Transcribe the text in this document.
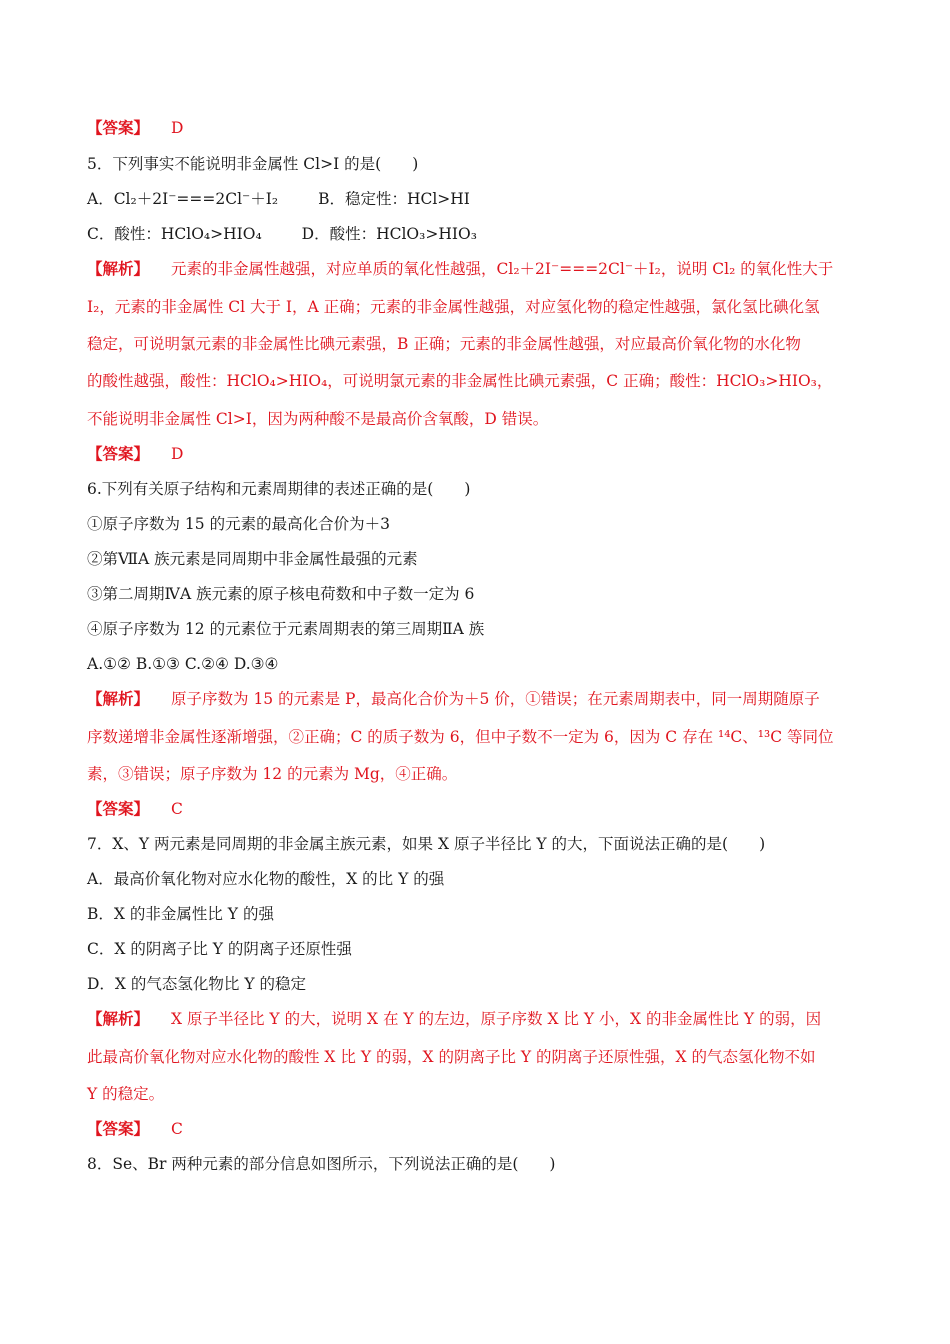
【答案】 D
5．下列事实不能说明非金属性 Cl>I 的是(　　)
A．Cl₂＋2I⁻===2Cl⁻＋I₂	B．稳定性：HCl>HI
C．酸性：HClO₄>HIO₄	D．酸性：HClO₃>HIO₃
【解析】 元素的非金属性越强，对应单质的氧化性越强，Cl₂＋2I⁻===2Cl⁻＋I₂，说明 Cl₂ 的氧化性大于
I₂，元素的非金属性 Cl 大于 I，A 正确；元素的非金属性越强，对应氢化物的稳定性越强，氯化氢比碘化氢
稳定，可说明氯元素的非金属性比碘元素强，B 正确；元素的非金属性越强，对应最高价氧化物的水化物
的酸性越强，酸性：HClO₄>HIO₄，可说明氯元素的非金属性比碘元素强，C 正确；酸性：HClO₃>HIO₃，
不能说明非金属性 Cl>I，因为两种酸不是最高价含氧酸，D 错误。
【答案】 D
6.下列有关原子结构和元素周期律的表述正确的是(　　)
①原子序数为 15 的元素的最高化合价为＋3
②第ⅦA 族元素是同周期中非金属性最强的元素
③第二周期ⅣA 族元素的原子核电荷数和中子数一定为 6
④原子序数为 12 的元素位于元素周期表的第三周期ⅡA 族
A.①② B.①③ C.②④ D.③④
【解析】 原子序数为 15 的元素是 P，最高化合价为＋5 价，①错误；在元素周期表中，同一周期随原子
序数递增非金属性逐渐增强，②正确；C 的质子数为 6，但中子数不一定为 6，因为 C 存在 ¹⁴C、¹³C 等同位
素，③错误；原子序数为 12 的元素为 Mg，④正确。
【答案】 C
7．X、Y 两元素是同周期的非金属主族元素，如果 X 原子半径比 Y 的大，下面说法正确的是(　　)
A．最高价氧化物对应水化物的酸性，X 的比 Y 的强
B．X 的非金属性比 Y 的强
C．X 的阴离子比 Y 的阴离子还原性强
D．X 的气态氢化物比 Y 的稳定
【解析】 X 原子半径比 Y 的大，说明 X 在 Y 的左边，原子序数 X 比 Y 小，X 的非金属性比 Y 的弱，因
此最高价氧化物对应水化物的酸性 X 比 Y 的弱，X 的阴离子比 Y 的阴离子还原性强，X 的气态氢化物不如
Y 的稳定。
【答案】 C
8．Se、Br 两种元素的部分信息如图所示，下列说法正确的是(　　)
